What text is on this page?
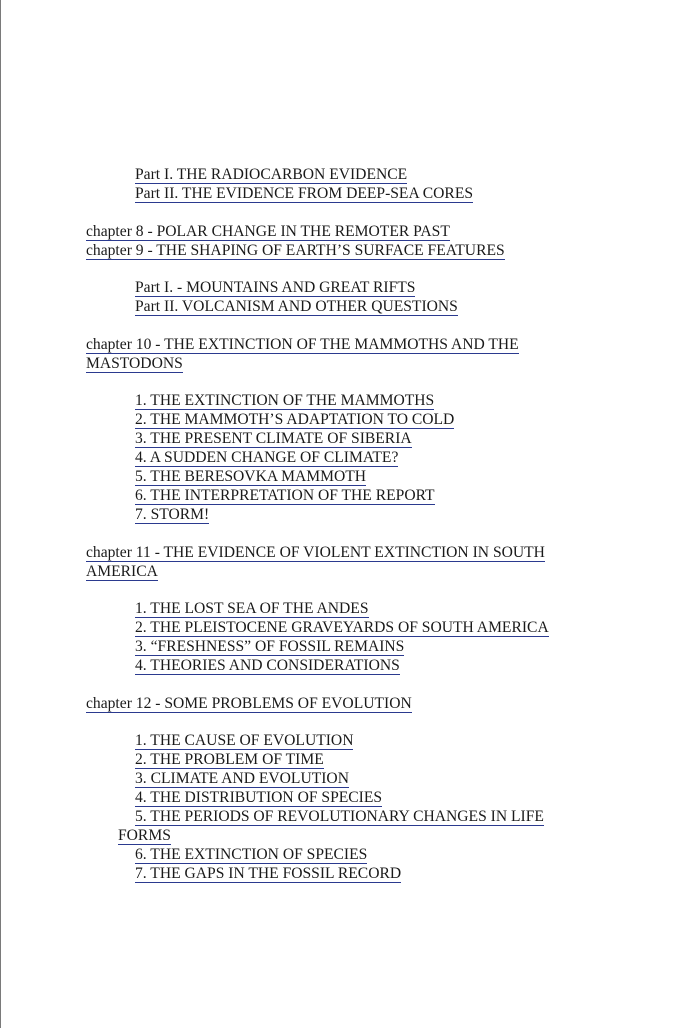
Part I. THE RADIOCARBON EVIDENCE
Part II. THE EVIDENCE FROM DEEP-SEA CORES
chapter 8 - POLAR CHANGE IN THE REMOTER PAST
chapter 9 - THE SHAPING OF EARTH’S SURFACE FEATURES
Part I. - MOUNTAINS AND GREAT RIFTS
Part II. VOLCANISM AND OTHER QUESTIONS
chapter 10 - THE EXTINCTION OF THE MAMMOTHS AND THE
MASTODONS
1. THE EXTINCTION OF THE MAMMOTHS
2. THE MAMMOTH’S ADAPTATION TO COLD
3. THE PRESENT CLIMATE OF SIBERIA
4. A SUDDEN CHANGE OF CLIMATE?
5. THE BERESOVKA MAMMOTH
6. THE INTERPRETATION OF THE REPORT
7. STORM!
chapter 11 - THE EVIDENCE OF VIOLENT EXTINCTION IN SOUTH
AMERICA
1. THE LOST SEA OF THE ANDES
2. THE PLEISTOCENE GRAVEYARDS OF SOUTH AMERICA
3. “FRESHNESS” OF FOSSIL REMAINS
4. THEORIES AND CONSIDERATIONS
chapter 12 - SOME PROBLEMS OF EVOLUTION
1. THE CAUSE OF EVOLUTION
2. THE PROBLEM OF TIME
3. CLIMATE AND EVOLUTION
4. THE DISTRIBUTION OF SPECIES
5. THE PERIODS OF REVOLUTIONARY CHANGES IN LIFE
FORMS
6. THE EXTINCTION OF SPECIES
7. THE GAPS IN THE FOSSIL RECORD
